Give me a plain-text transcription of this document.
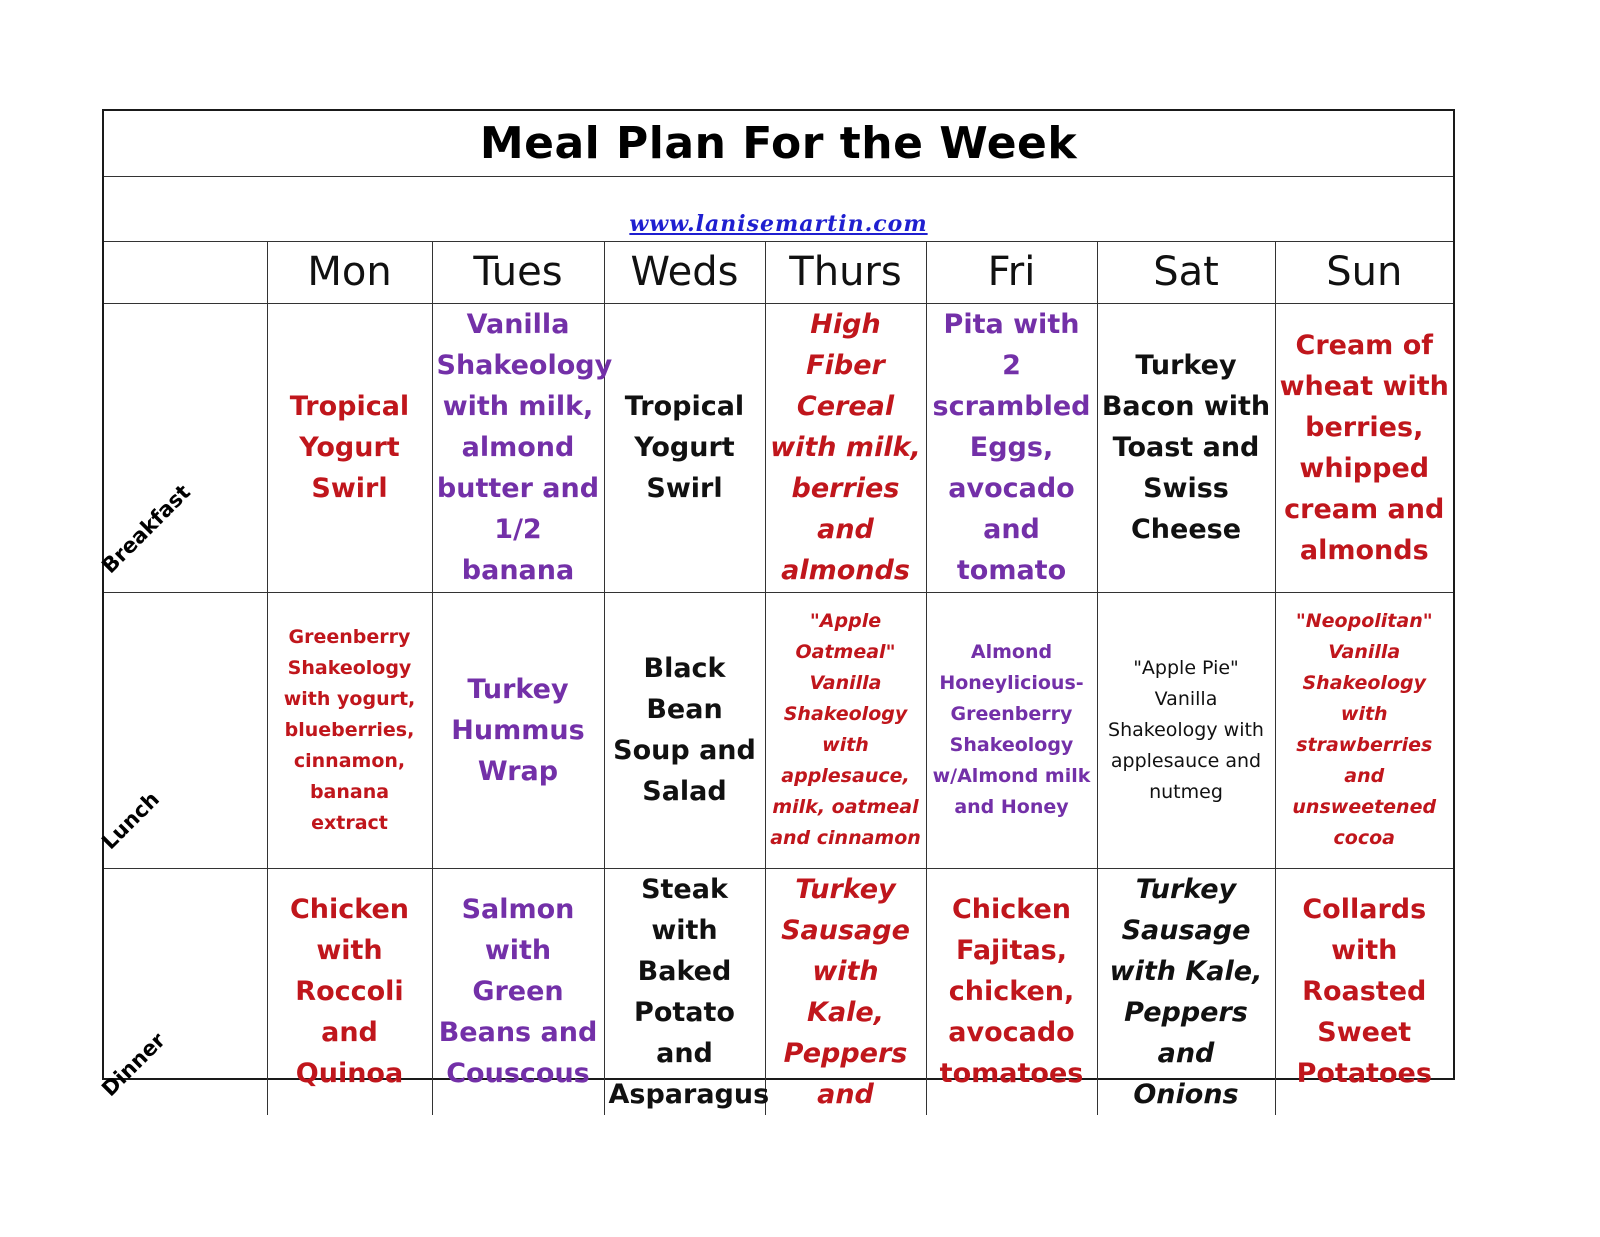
Meal Plan For the Week
www.lanisemartin.com
	Mon	Tues	Weds	Thurs	Fri	Sat	Sun

Breakfast	Tropical Yogurt Swirl	Vanilla Shakeology with milk, almond butter and 1/2 banana	Tropical Yogurt Swirl	High Fiber Cereal with milk, berries and almonds	Pita with 2 scrambled Eggs, avocado and tomato	Turkey Bacon with Toast and Swiss Cheese	Cream of wheat with berries, whipped cream and almonds

Lunch	Greenberry Shakeology with yogurt, blueberries, cinnamon, banana extract	Turkey Hummus Wrap	Black Bean Soup and Salad	"Apple Oatmeal" Vanilla Shakeology with applesauce, milk, oatmeal and cinnamon	Almond Honeylicious-Greenberry Shakeology w/Almond milk and Honey	"Apple Pie" Vanilla Shakeology with applesauce and nutmeg	"Neopolitan" Vanilla Shakeology with strawberries and unsweetened cocoa

Dinner	Chicken with Roccoli and Quinoa	Salmon with Green Beans and Couscous	Steak with Baked Potato and Asparagus	Turkey Sausage with Kale, Peppers and	Chicken Fajitas, chicken, avocado tomatoes	Turkey Sausage with Kale, Peppers and Onions	Collards with Roasted Sweet Potatoes
